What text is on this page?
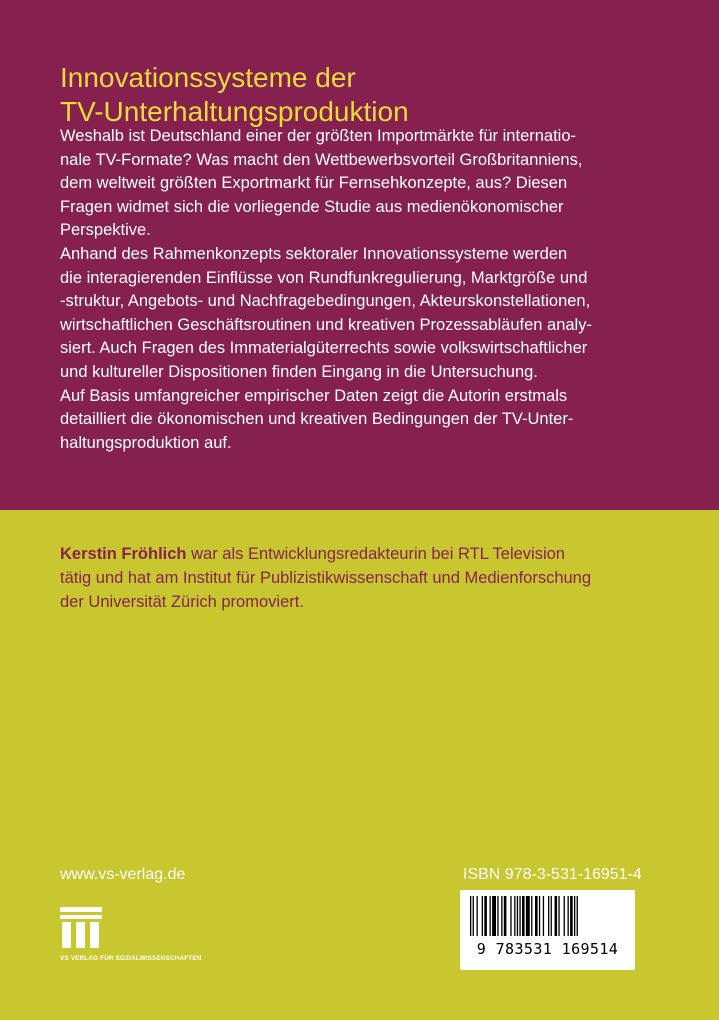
Innovationssysteme der
TV-Unterhaltungsproduktion
Weshalb ist Deutschland einer der größten Importmärkte für internatio-
nale TV-Formate? Was macht den Wettbewerbsvorteil Großbritanniens,
dem weltweit größten Exportmarkt für Fernsehkonzepte, aus? Diesen
Fragen widmet sich die vorliegende Studie aus medienökonomischer
Perspektive.
Anhand des Rahmenkonzepts sektoraler Innovationssysteme werden
die interagierenden Einflüsse von Rundfunkregulierung, Marktgröße und
-struktur, Angebots- und Nachfragebedingungen, Akteurskonstellationen,
wirtschaftlichen Geschäftsroutinen und kreativen Prozessabläufen analy-
siert. Auch Fragen des Immaterialgüterrechts sowie volkswirtschaftlicher
und kultureller Dispositionen finden Eingang in die Untersuchung.
Auf Basis umfangreicher empirischer Daten zeigt die Autorin erstmals
detailliert die ökonomischen und kreativen Bedingungen der TV-Unter-
haltungsproduktion auf.
Kerstin Fröhlich war als Entwicklungsredakteurin bei RTL Television
tätig und hat am Institut für Publizistikwissenschaft und Medienforschung
der Universität Zürich promoviert.
www.vs-verlag.de
VS VERLAG FÜR SOZIALWISSENSCHAFTEN
ISBN 978-3-531-16951-4
9 783531 169514
